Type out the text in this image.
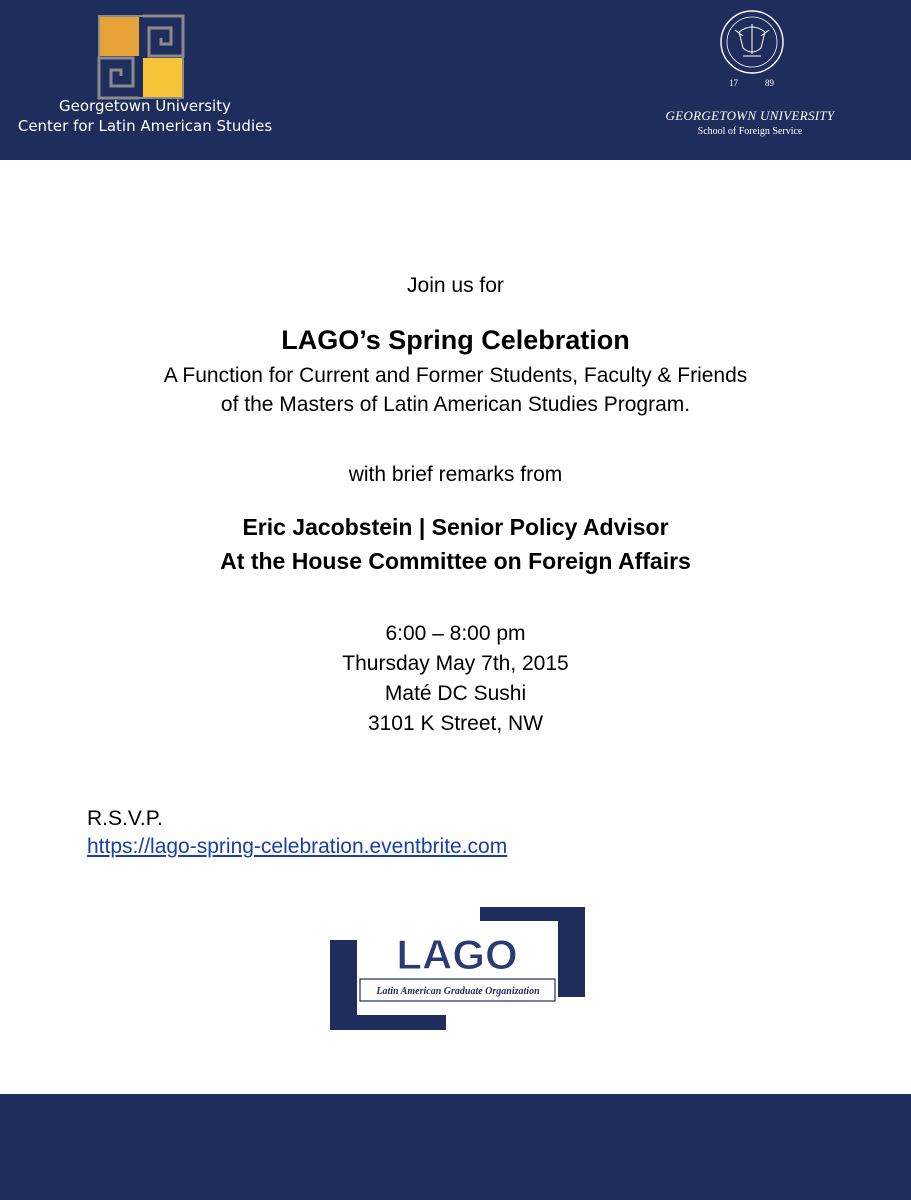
Georgetown University
Center for Latin American Studies
17	89
GEORGETOWN UNIVERSITY
School of Foreign Service
Join us for
LAGO’s Spring Celebration
A Function for Current and Former Students, Faculty & Friends
of the Masters of Latin American Studies Program.
with brief remarks from
Eric Jacobstein | Senior Policy Advisor
At the House Committee on Foreign Affairs
6:00 – 8:00 pm
Thursday May 7th, 2015
Maté DC Sushi
3101 K Street, NW
R.S.V.P.
https://lago-spring-celebration.eventbrite.com
LAGO
Latin American Graduate Organization
